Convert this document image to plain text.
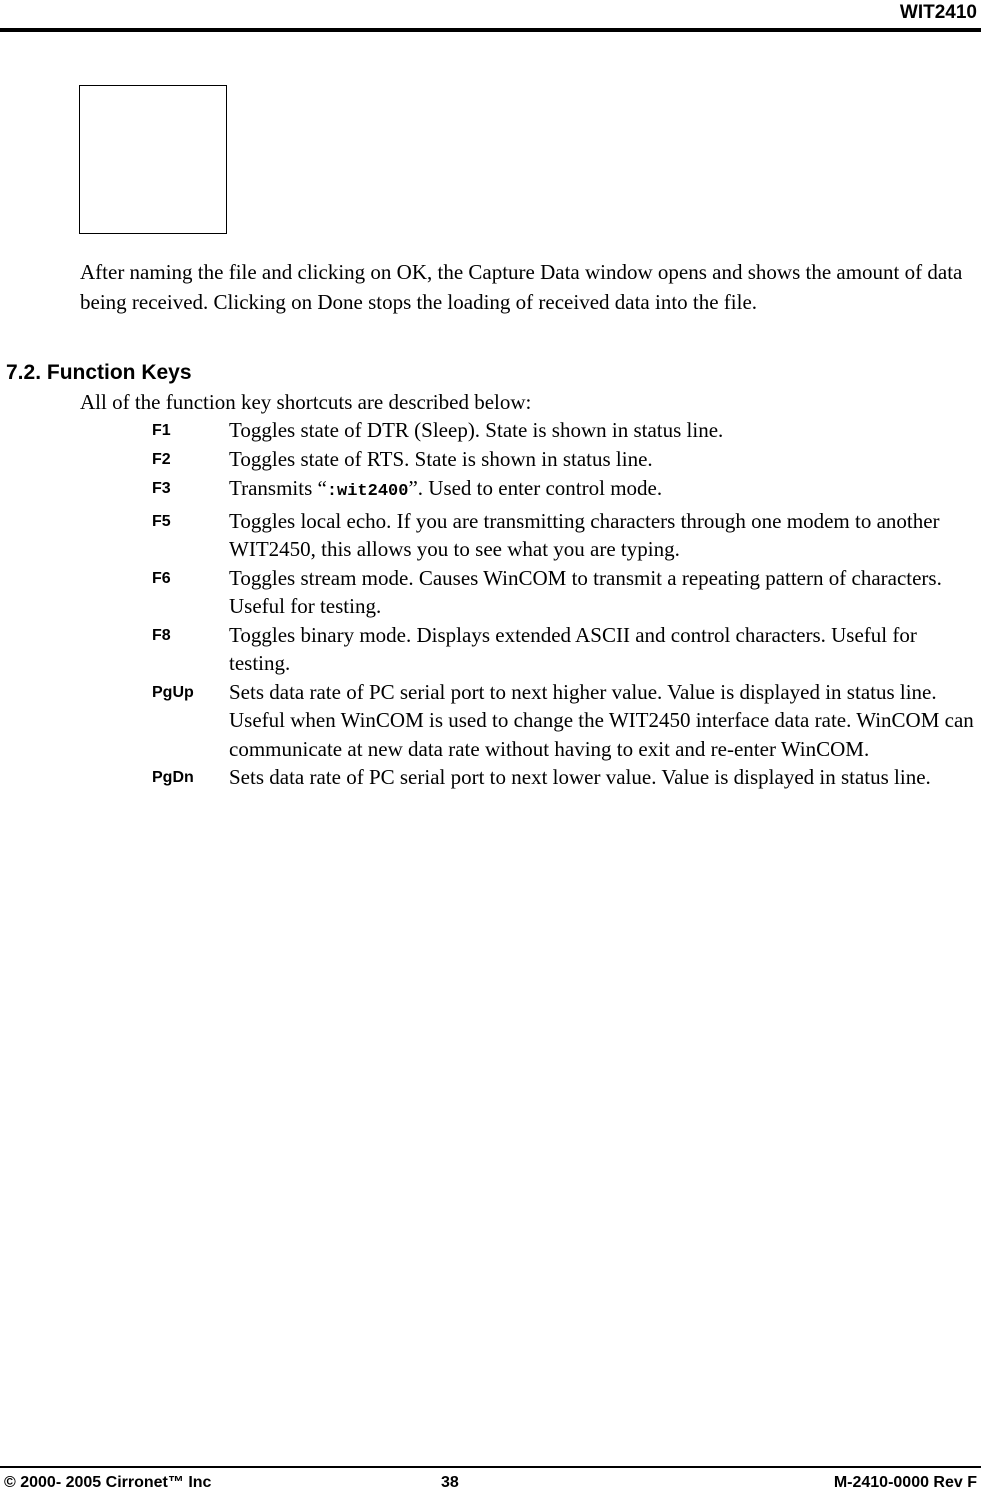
WIT2410
After naming the file and clicking on OK, the Capture Data window opens and shows the amount of data being received. Clicking on Done stops the loading of received data into the file.
7.2. Function Keys
All of the function key shortcuts are described below:
F1	Toggles state of DTR (Sleep). State is shown in status line.
F2	Toggles state of RTS. State is shown in status line.
F3	Transmits “:wit2400”. Used to enter control mode.
F5	Toggles local echo. If you are transmitting characters through one modem to another WIT2450, this allows you to see what you are typing.
F6	Toggles stream mode. Causes WinCOM to transmit a repeating pattern of characters. Useful for testing.
F8	Toggles binary mode. Displays extended ASCII and control characters. Useful for testing.
PgUp	Sets data rate of PC serial port to next higher value. Value is displayed in status line. Useful when WinCOM is used to change the WIT2450 interface data rate. WinCOM can communicate at new data rate without having to exit and re-enter WinCOM.
PgDn	Sets data rate of PC serial port to next lower value. Value is displayed in status line.
© 2000- 2005 Cirronet™ Inc	38	M-2410-0000 Rev F
